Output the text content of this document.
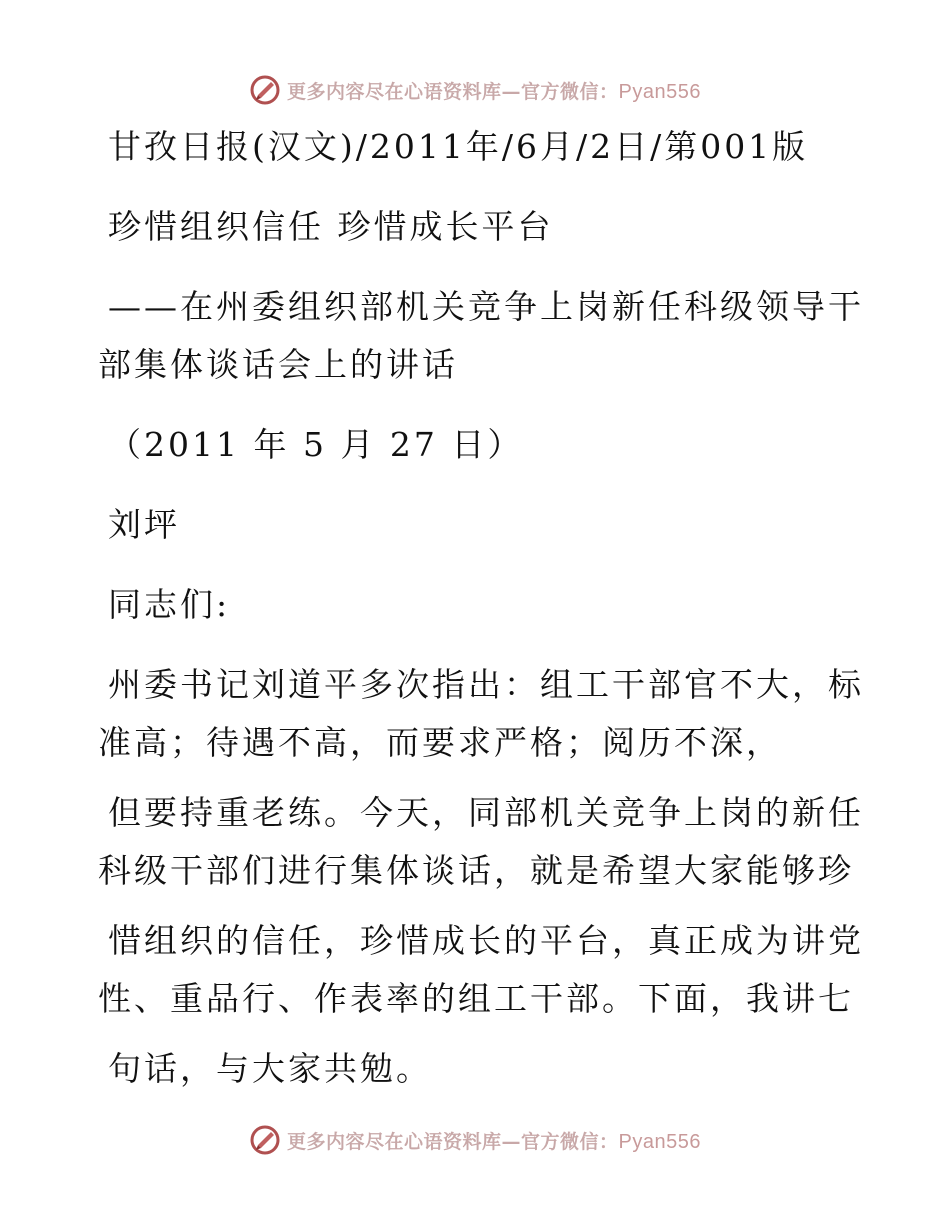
更多内容尽在心语资料库—官方微信：Pyan556
甘孜日报(汉文)/2011年/6月/2日/第001版
珍惜组织信任 珍惜成长平台
——在州委组织部机关竞争上岗新任科级领导干
部集体谈话会上的讲话
（2011 年 5 月 27 日）
刘坪
同志们:
州委书记刘道平多次指出：组工干部官不大，标
准高；待遇不高，而要求严格；阅历不深，
但要持重老练。今天，同部机关竞争上岗的新任
科级干部们进行集体谈话，就是希望大家能够珍
惜组织的信任，珍惜成长的平台，真正成为讲党
性、重品行、作表率的组工干部。下面，我讲七
句话，与大家共勉。
更多内容尽在心语资料库—官方微信：Pyan556
